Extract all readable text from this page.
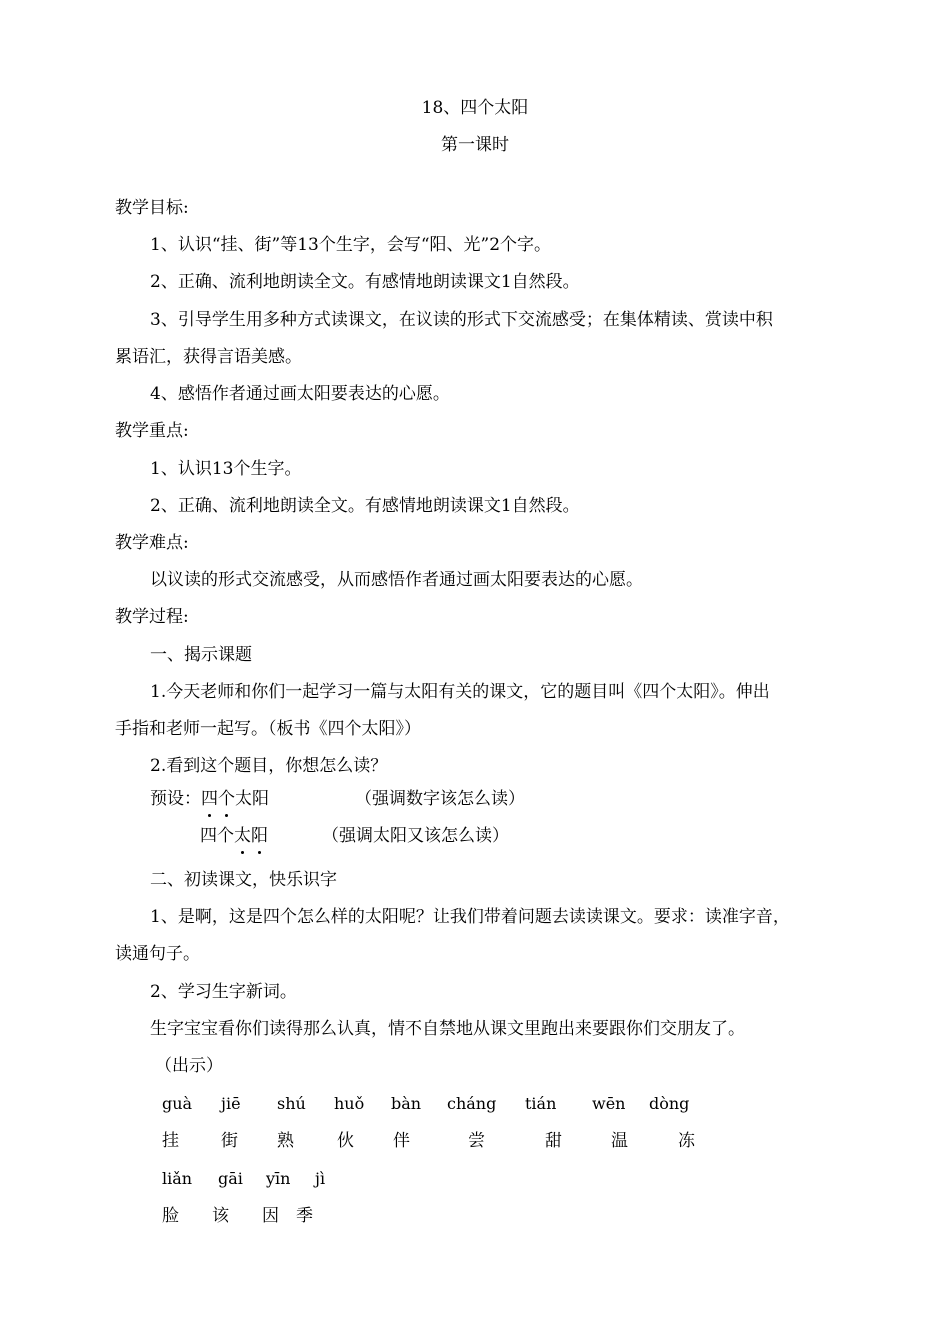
18、四个太阳
第一课时
教学目标:
1、认识“挂、街”等13个生字，会写“阳、光”2个字。
2、正确、流利地朗读全文。有感情地朗读课文1自然段。
3、引导学生用多种方式读课文，在议读的形式下交流感受；在集体精读、赏读中积
累语汇，获得言语美感。
4、感悟作者通过画太阳要表达的心愿。
教学重点:
1、认识13个生字。
2、正确、流利地朗读全文。有感情地朗读课文1自然段。
教学难点:
以议读的形式交流感受，从而感悟作者通过画太阳要表达的心愿。
教学过程:
一、揭示课题
1.今天老师和你们一起学习一篇与太阳有关的课文，它的题目叫《四个太阳》。伸出
手指和老师一起写。（板书《四个太阳》）
2.看到这个题目，你想怎么读？
预设：四个太阳	（强调数字该怎么读）
四个太阳	（强调太阳又该怎么读）
二、初读课文，快乐识字
1、是啊，这是四个怎么样的太阳呢？让我们带着问题去读读课文。要求：读准字音，
读通句子。
2、学习生字新词。
生字宝宝看你们读得那么认真，情不自禁地从课文里跑出来要跟你们交朋友了。
（出示）
guà jiē shú huǒ bàn cháng tián wēn dòng
挂 街 熟	伙 伴	尝	甜	温	冻
liǎn gāi yīn jì
脸 该 因 季
